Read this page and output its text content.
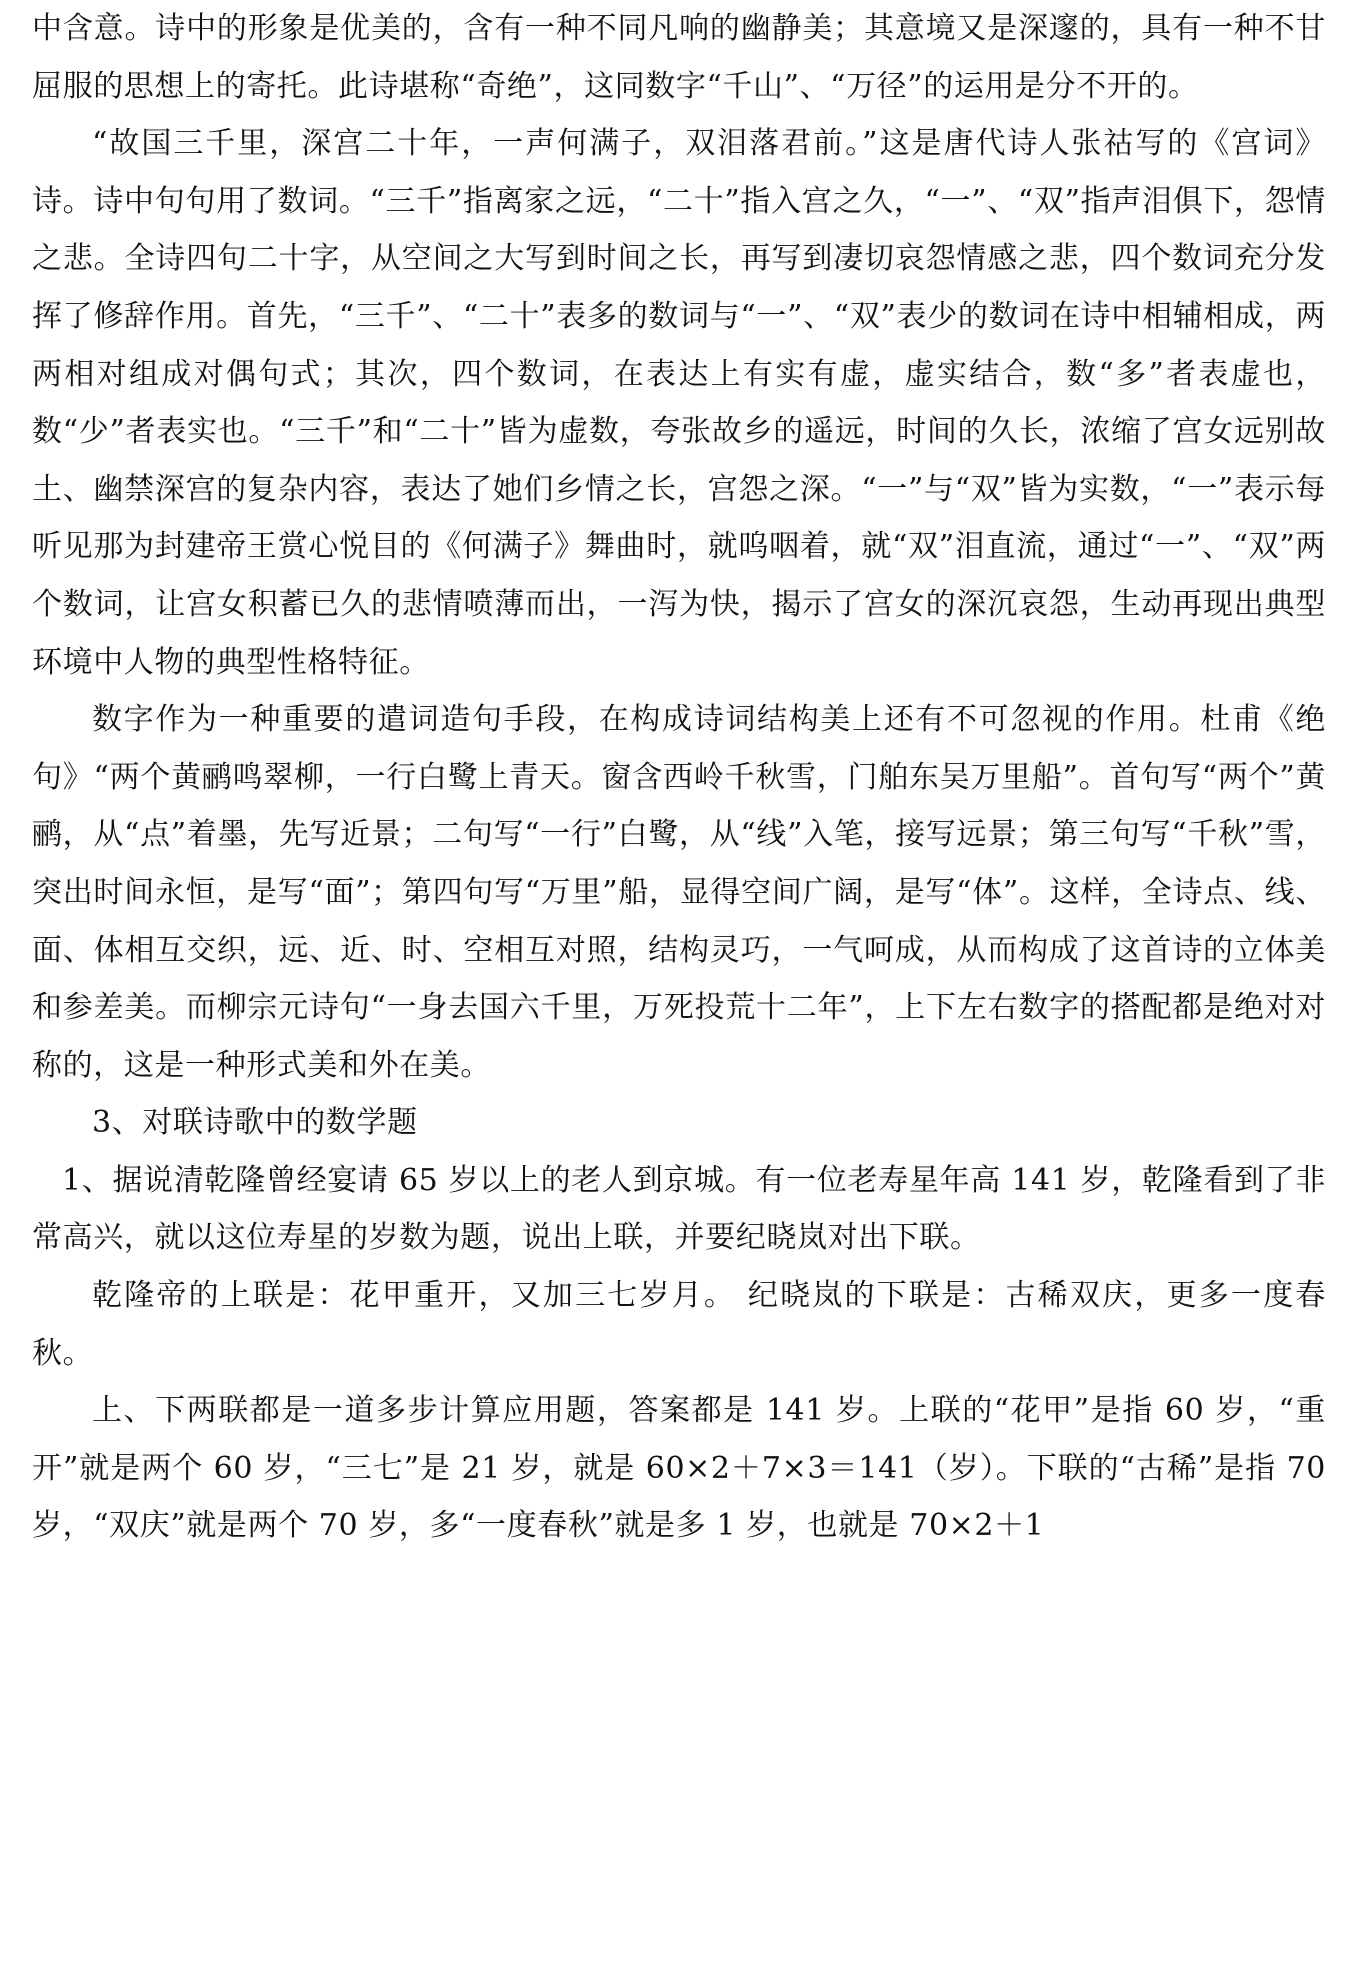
中含意。诗中的形象是优美的，含有一种不同凡响的幽静美；其意境又是深邃的，具有一种不甘屈服的思想上的寄托。此诗堪称“奇绝”，这同数字“千山”、“万径”的运用是分不开的。

“故国三千里，深宫二十年，一声何满子，双泪落君前。”这是唐代诗人张祜写的《宫词》诗。诗中句句用了数词。“三千”指离家之远，“二十”指入宫之久，“一”、“双”指声泪俱下，怨情之悲。全诗四句二十字，从空间之大写到时间之长，再写到凄切哀怨情感之悲，四个数词充分发挥了修辞作用。首先，“三千”、“二十”表多的数词与“一”、“双”表少的数词在诗中相辅相成，两两相对组成对偶句式；其次，四个数词，在表达上有实有虚，虚实结合，数“多”者表虚也，数“少”者表实也。“三千”和“二十”皆为虚数，夸张故乡的遥远，时间的久长，浓缩了宫女远别故土、幽禁深宫的复杂内容，表达了她们乡情之长，宫怨之深。“一”与“双”皆为实数，“一”表示每听见那为封建帝王赏心悦目的《何满子》舞曲时，就呜咽着，就“双”泪直流，通过“一”、“双”两个数词，让宫女积蓄已久的悲情喷薄而出，一泻为快，揭示了宫女的深沉哀怨，生动再现出典型环境中人物的典型性格特征。

数字作为一种重要的遣词造句手段，在构成诗词结构美上还有不可忽视的作用。杜甫《绝句》“两个黄鹂鸣翠柳，一行白鹭上青天。窗含西岭千秋雪，门舶东吴万里船”。首句写“两个”黄鹂，从“点”着墨，先写近景；二句写“一行”白鹭，从“线”入笔，接写远景；第三句写“千秋”雪，突出时间永恒，是写“面”；第四句写“万里”船，显得空间广阔，是写“体”。这样，全诗点、线、面、体相互交织，远、近、时、空相互对照，结构灵巧，一气呵成，从而构成了这首诗的立体美和参差美。而柳宗元诗句“一身去国六千里，万死投荒十二年”，上下左右数字的搭配都是绝对对称的，这是一种形式美和外在美。

3、对联诗歌中的数学题

1、据说清乾隆曾经宴请 65 岁以上的老人到京城。有一位老寿星年高 141 岁，乾隆看到了非常高兴，就以这位寿星的岁数为题，说出上联，并要纪晓岚对出下联。

乾隆帝的上联是：花甲重开，又加三七岁月。 纪晓岚的下联是：古稀双庆，更多一度春秋。

上、下两联都是一道多步计算应用题，答案都是 141 岁。上联的“花甲”是指 60 岁，“重开”就是两个 60 岁，“三七”是 21 岁，就是 60×2＋7×3＝141（岁）。下联的“古稀”是指 70 岁，“双庆”就是两个 70 岁，多“一度春秋”就是多 1 岁，也就是 70×2＋1
